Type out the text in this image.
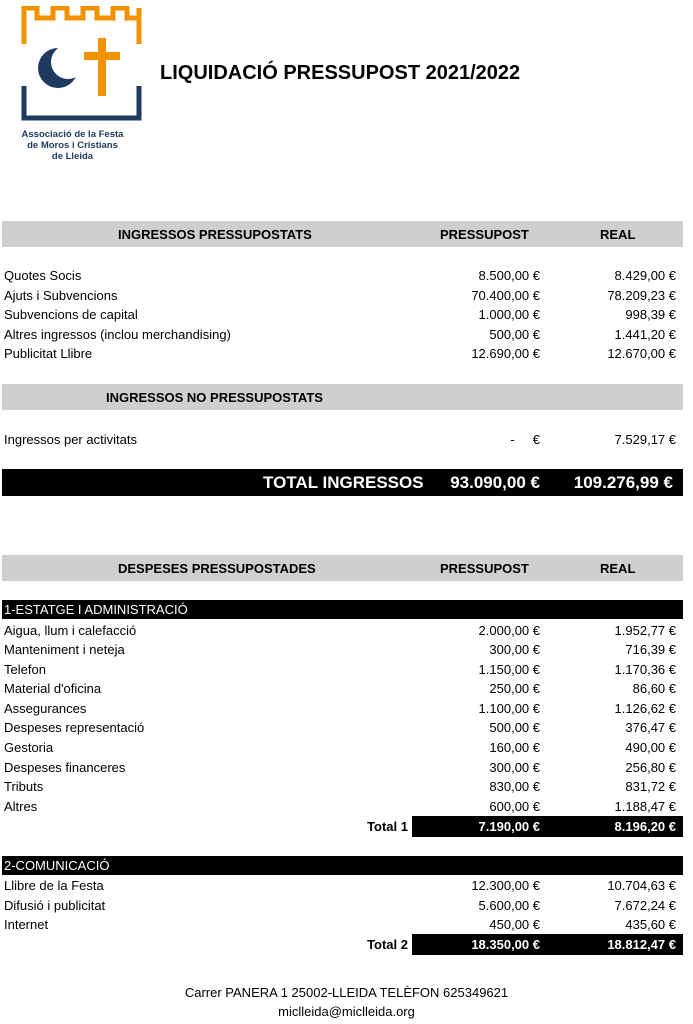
Associació de la Festa
de Moros i Cristians
de Lleida
LIQUIDACIÓ PRESSUPOST 2021/2022
INGRESSOS PRESSUPOSTATS	PRESSUPOST	REAL
Quotes Socis	8.500,00 €	8.429,00 €
Ajuts i Subvencions	70.400,00 €	78.209,23 €
Subvencions de capital	1.000,00 €	998,39 €
Altres ingressos (inclou merchandising)	500,00 €	1.441,20 €
Publicitat Llibre	12.690,00 €	12.670,00 €
INGRESSOS NO PRESSUPOSTATS
Ingressos per activitats	-     €	7.529,17 €
TOTAL INGRESSOS 93.090,00 € 109.276,99 €
DESPESES PRESSUPOSTADES	PRESSUPOST	REAL
1-ESTATGE I ADMINISTRACIÓ
Aigua, llum i calefacció	2.000,00 €	1.952,77 €
Manteniment i neteja	300,00 €	716,39 €
Telefon	1.150,00 €	1.170,36 €
Material d'oficina	250,00 €	86,60 €
Assegurances	1.100,00 €	1.126,62 €
Despeses representació	500,00 €	376,47 €
Gestoria	160,00 €	490,00 €
Despeses financeres	300,00 €	256,80 €
Tributs	830,00 €	831,72 €
Altres	600,00 €	1.188,47 €
Total 1	7.190,00 €	8.196,20 €
2-COMUNICACIÓ
Llibre de la Festa	12.300,00 €	10.704,63 €
Difusió i publicitat	5.600,00 €	7.672,24 €
Internet	450,00 €	435,60 €
Total 2	18.350,00 €	18.812,47 €
Carrer PANERA 1 25002-LLEIDA TELÈFON 625349621
miclleida@miclleida.org
